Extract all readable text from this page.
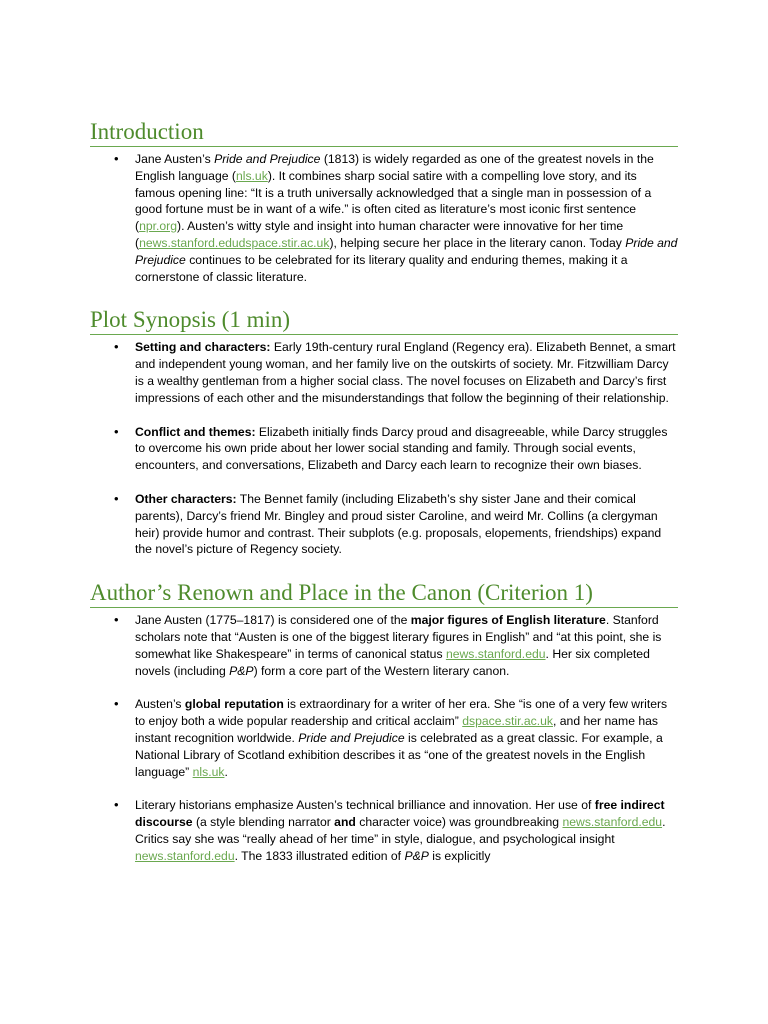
Introduction
• Jane Austen’s Pride and Prejudice (1813) is widely regarded as one of the greatest novels in the English language (nls.uk). It combines sharp social satire with a compelling love story, and its famous opening line: “It is a truth universally acknowledged that a single man in possession of a good fortune must be in want of a wife.” is often cited as literature’s most iconic first sentence (npr.org). Austen’s witty style and insight into human character were innovative for her time (news.stanford.edudspace.stir.ac.uk), helping secure her place in the literary canon. Today Pride and Prejudice continues to be celebrated for its literary quality and enduring themes, making it a cornerstone of classic literature.
Plot Synopsis (1 min)
• Setting and characters: Early 19th-century rural England (Regency era). Elizabeth Bennet, a smart and independent young woman, and her family live on the outskirts of society. Mr. Fitzwilliam Darcy is a wealthy gentleman from a higher social class. The novel focuses on Elizabeth and Darcy’s first impressions of each other and the misunderstandings that follow the beginning of their relationship.
• Conflict and themes: Elizabeth initially finds Darcy proud and disagreeable, while Darcy struggles to overcome his own pride about her lower social standing and family. Through social events, encounters, and conversations, Elizabeth and Darcy each learn to recognize their own biases.
• Other characters: The Bennet family (including Elizabeth’s shy sister Jane and their comical parents), Darcy’s friend Mr. Bingley and proud sister Caroline, and weird Mr. Collins (a clergyman heir) provide humor and contrast. Their subplots (e.g. proposals, elopements, friendships) expand the novel’s picture of Regency society.
Author’s Renown and Place in the Canon (Criterion 1)
• Jane Austen (1775–1817) is considered one of the major figures of English literature. Stanford scholars note that “Austen is one of the biggest literary figures in English” and “at this point, she is somewhat like Shakespeare” in terms of canonical status news.stanford.edu. Her six completed novels (including P&P) form a core part of the Western literary canon.
• Austen’s global reputation is extraordinary for a writer of her era. She “is one of a very few writers to enjoy both a wide popular readership and critical acclaim” dspace.stir.ac.uk, and her name has instant recognition worldwide. Pride and Prejudice is celebrated as a great classic. For example, a National Library of Scotland exhibition describes it as “one of the greatest novels in the English language” nls.uk.
• Literary historians emphasize Austen’s technical brilliance and innovation. Her use of free indirect discourse (a style blending narrator and character voice) was groundbreaking news.stanford.edu. Critics say she was “really ahead of her time” in style, dialogue, and psychological insight news.stanford.edu. The 1833 illustrated edition of P&P is explicitly
